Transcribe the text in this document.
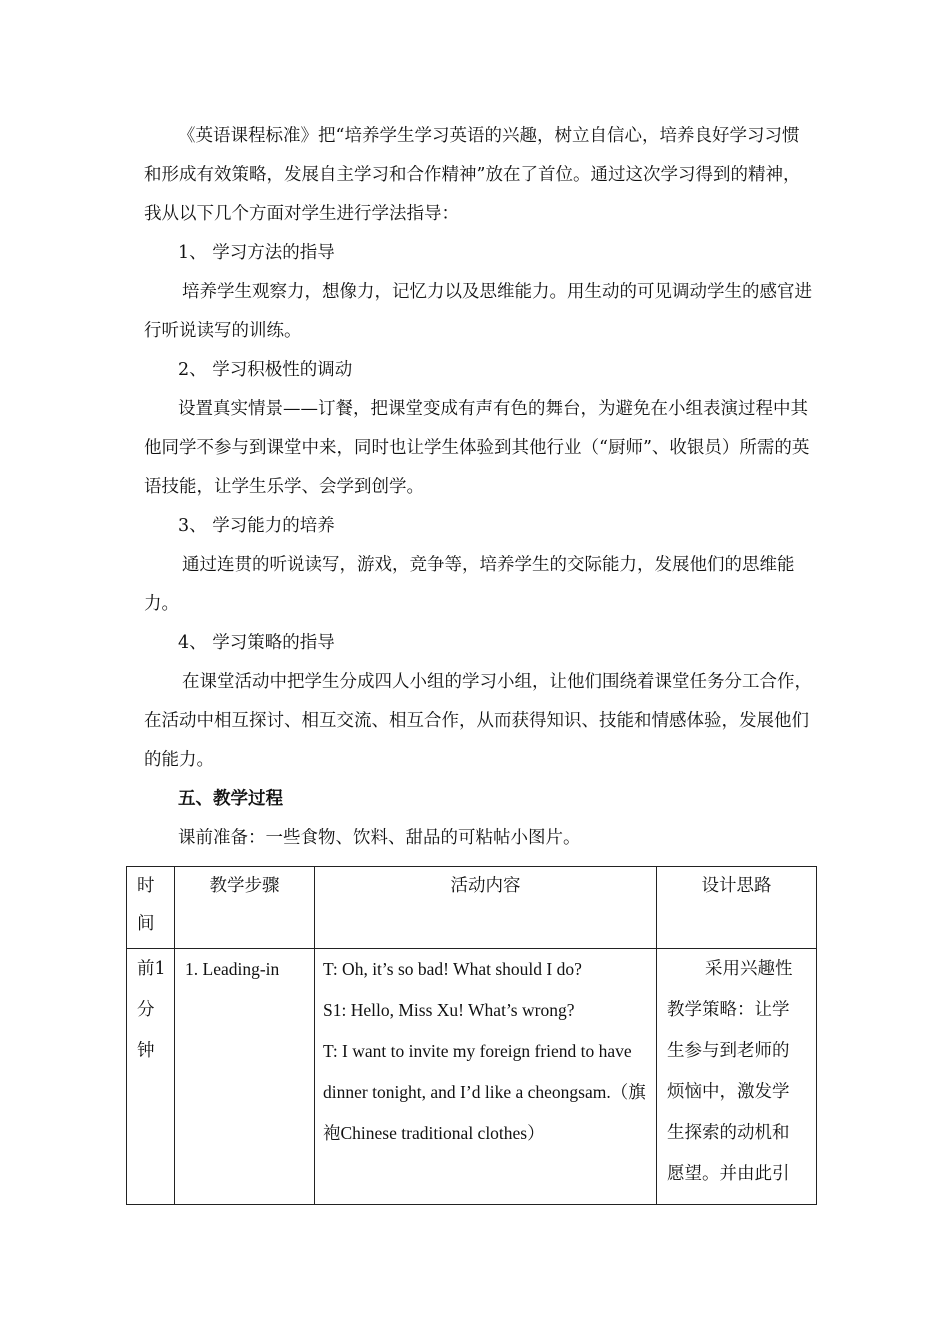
《英语课程标准》把“培养学生学习英语的兴趣，树立自信心，培养良好学习习惯和形成有效策略，发展自主学习和合作精神”放在了首位。通过这次学习得到的精神，我从以下几个方面对学生进行学法指导：

1、 学习方法的指导

培养学生观察力，想像力，记忆力以及思维能力。用生动的可见调动学生的感官进行听说读写的训练。

2、 学习积极性的调动

设置真实情景——订餐，把课堂变成有声有色的舞台，为避免在小组表演过程中其他同学不参与到课堂中来，同时也让学生体验到其他行业（“厨师”、收银员）所需的英语技能，让学生乐学、会学到创学。

3、 学习能力的培养

通过连贯的听说读写，游戏，竞争等，培养学生的交际能力，发展他们的思维能力。

4、 学习策略的指导

在课堂活动中把学生分成四人小组的学习小组，让他们围绕着课堂任务分工合作，在活动中相互探讨、相互交流、相互合作，从而获得知识、技能和情感体验，发展他们的能力。

五、教学过程

课前准备：一些食物、饮料、甜品的可粘帖小图片。

时间	教学步骤	活动内容	设计思路
前1分钟	1. Leading-in	T: Oh, it’s so bad! What should I do?
S1: Hello, Miss Xu! What’s wrong?
T: I want to invite my foreign friend to have dinner tonight, and I’d like a cheongsam.（旗袍Chinese traditional clothes）	采用兴趣性教学策略：让学生参与到老师的烦恼中，激发学生探索的动机和愿望。并由此引
